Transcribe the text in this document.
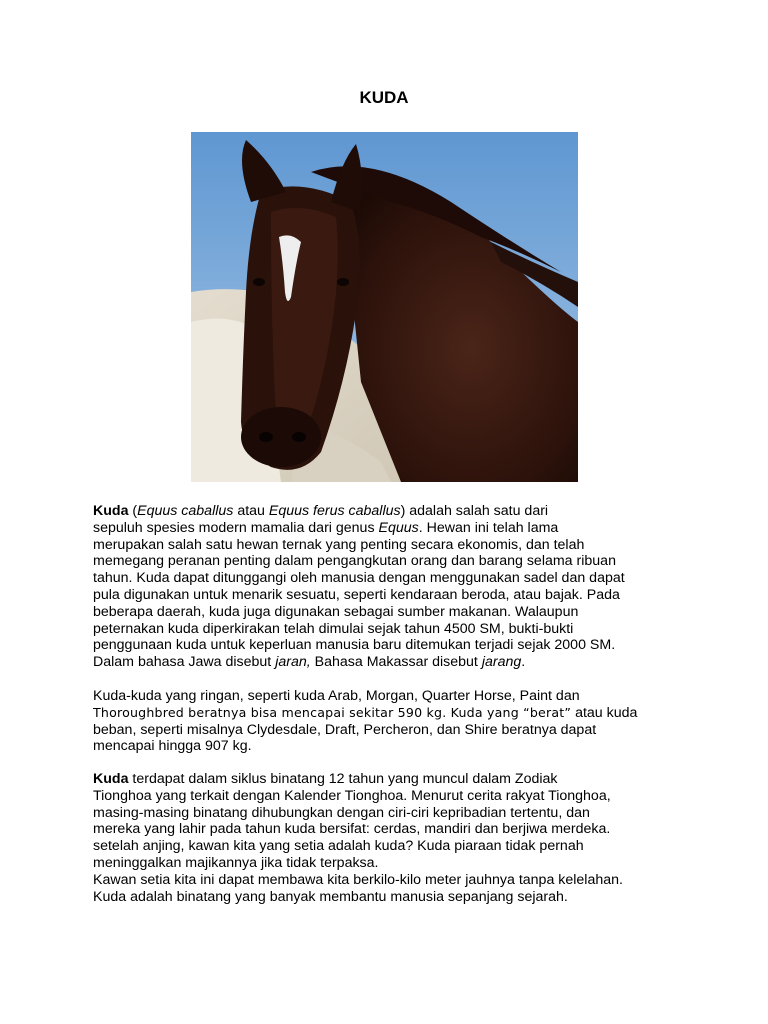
KUDA
Kuda (Equus caballus atau Equus ferus caballus) adalah salah satu dari
sepuluh spesies modern mamalia dari genus Equus. Hewan ini telah lama
merupakan salah satu hewan ternak yang penting secara ekonomis, dan telah
memegang peranan penting dalam pengangkutan orang dan barang selama ribuan
tahun. Kuda dapat ditunggangi oleh manusia dengan menggunakan sadel dan dapat
pula digunakan untuk menarik sesuatu, seperti kendaraan beroda, atau bajak. Pada
beberapa daerah, kuda juga digunakan sebagai sumber makanan. Walaupun
peternakan kuda diperkirakan telah dimulai sejak tahun 4500 SM, bukti-bukti
penggunaan kuda untuk keperluan manusia baru ditemukan terjadi sejak 2000 SM.
Dalam bahasa Jawa disebut jaran, Bahasa Makassar disebut jarang.
Kuda-kuda yang ringan, seperti kuda Arab, Morgan, Quarter Horse, Paint dan
Thoroughbred beratnya bisa mencapai sekitar 590 kg. Kuda yang “berat” atau kuda
beban, seperti misalnya Clydesdale, Draft, Percheron, dan Shire beratnya dapat
mencapai hingga 907 kg.
Kuda terdapat dalam siklus binatang 12 tahun yang muncul dalam Zodiak
Tionghoa yang terkait dengan Kalender Tionghoa. Menurut cerita rakyat Tionghoa,
masing-masing binatang dihubungkan dengan ciri-ciri kepribadian tertentu, dan
mereka yang lahir pada tahun kuda bersifat: cerdas, mandiri dan berjiwa merdeka.
setelah anjing, kawan kita yang setia adalah kuda? Kuda piaraan tidak pernah
meninggalkan majikannya jika tidak terpaksa.
Kawan setia kita ini dapat membawa kita berkilo-kilo meter jauhnya tanpa kelelahan.
Kuda adalah binatang yang banyak membantu manusia sepanjang sejarah.
